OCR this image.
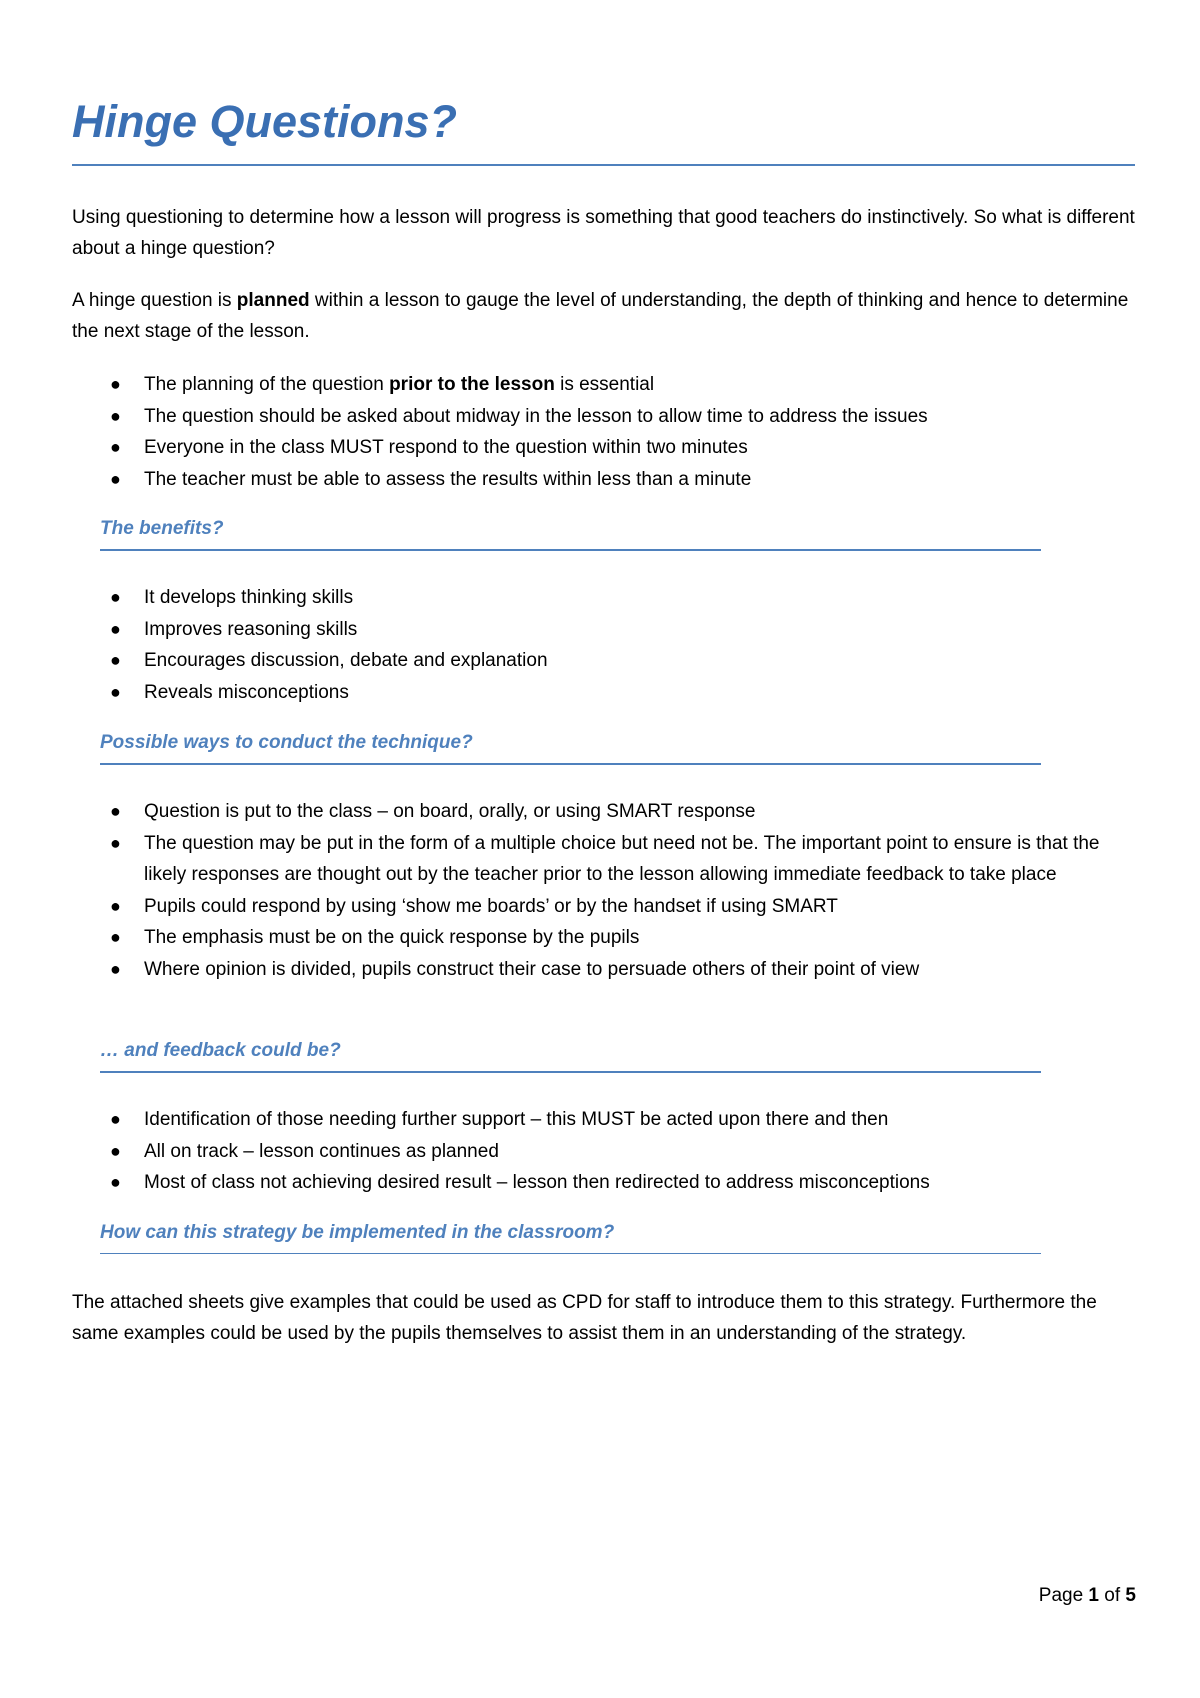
Hinge Questions?

Using questioning to determine how a lesson will progress is something that good teachers do instinctively. So what is different about a hinge question?

A hinge question is planned within a lesson to gauge the level of understanding, the depth of thinking and hence to determine the next stage of the lesson.

● The planning of the question prior to the lesson is essential
● The question should be asked about midway in the lesson to allow time to address the issues
● Everyone in the class MUST respond to the question within two minutes
● The teacher must be able to assess the results within less than a minute
The benefits?
● It develops thinking skills
● Improves reasoning skills
● Encourages discussion, debate and explanation
● Reveals misconceptions
Possible ways to conduct the technique?
● Question is put to the class – on board, orally, or using SMART response
● The question may be put in the form of a multiple choice but need not be. The important point to ensure is that the likely responses are thought out by the teacher prior to the lesson allowing immediate feedback to take place
● Pupils could respond by using ‘show me boards’ or by the handset if using SMART
● The emphasis must be on the quick response by the pupils
● Where opinion is divided, pupils construct their case to persuade others of their point of view
… and feedback could be?
● Identification of those needing further support – this MUST be acted upon there and then
● All on track – lesson continues as planned
● Most of class not achieving desired result – lesson then redirected to address misconceptions
How can this strategy be implemented in the classroom?

The attached sheets give examples that could be used as CPD for staff to introduce them to this strategy. Furthermore the same examples could be used by the pupils themselves to assist them in an understanding of the strategy.

Page 1 of 5
